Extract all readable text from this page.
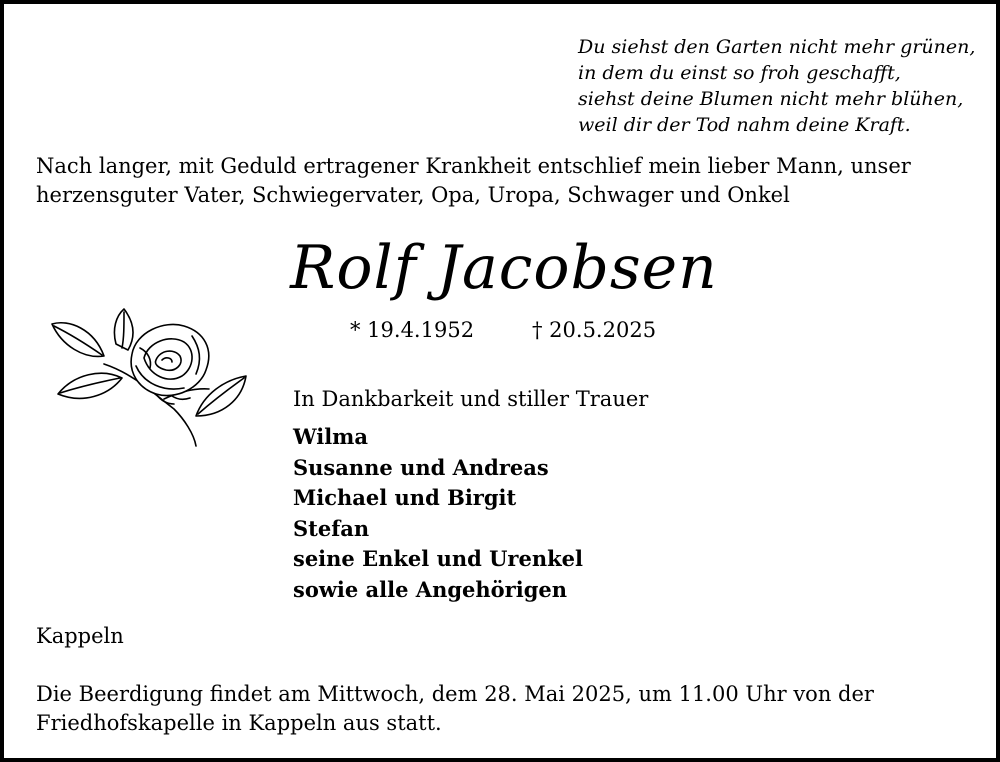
Du siehst den Garten nicht mehr grünen,
in dem du einst so froh geschafft,
siehst deine Blumen nicht mehr blühen,
weil dir der Tod nahm deine Kraft.
Nach langer, mit Geduld ertragener Krankheit entschlief mein lieber Mann, unser
herzensguter Vater, Schwiegervater, Opa, Uropa, Schwager und Onkel
Rolf Jacobsen
* 19.4.1952	† 20.5.2025
In Dankbarkeit und stiller Trauer
Wilma
Susanne und Andreas
Michael und Birgit
Stefan
seine Enkel und Urenkel
sowie alle Angehörigen
Kappeln
Die Beerdigung findet am Mittwoch, dem 28. Mai 2025, um 11.00 Uhr von der
Friedhofskapelle in Kappeln aus statt.
